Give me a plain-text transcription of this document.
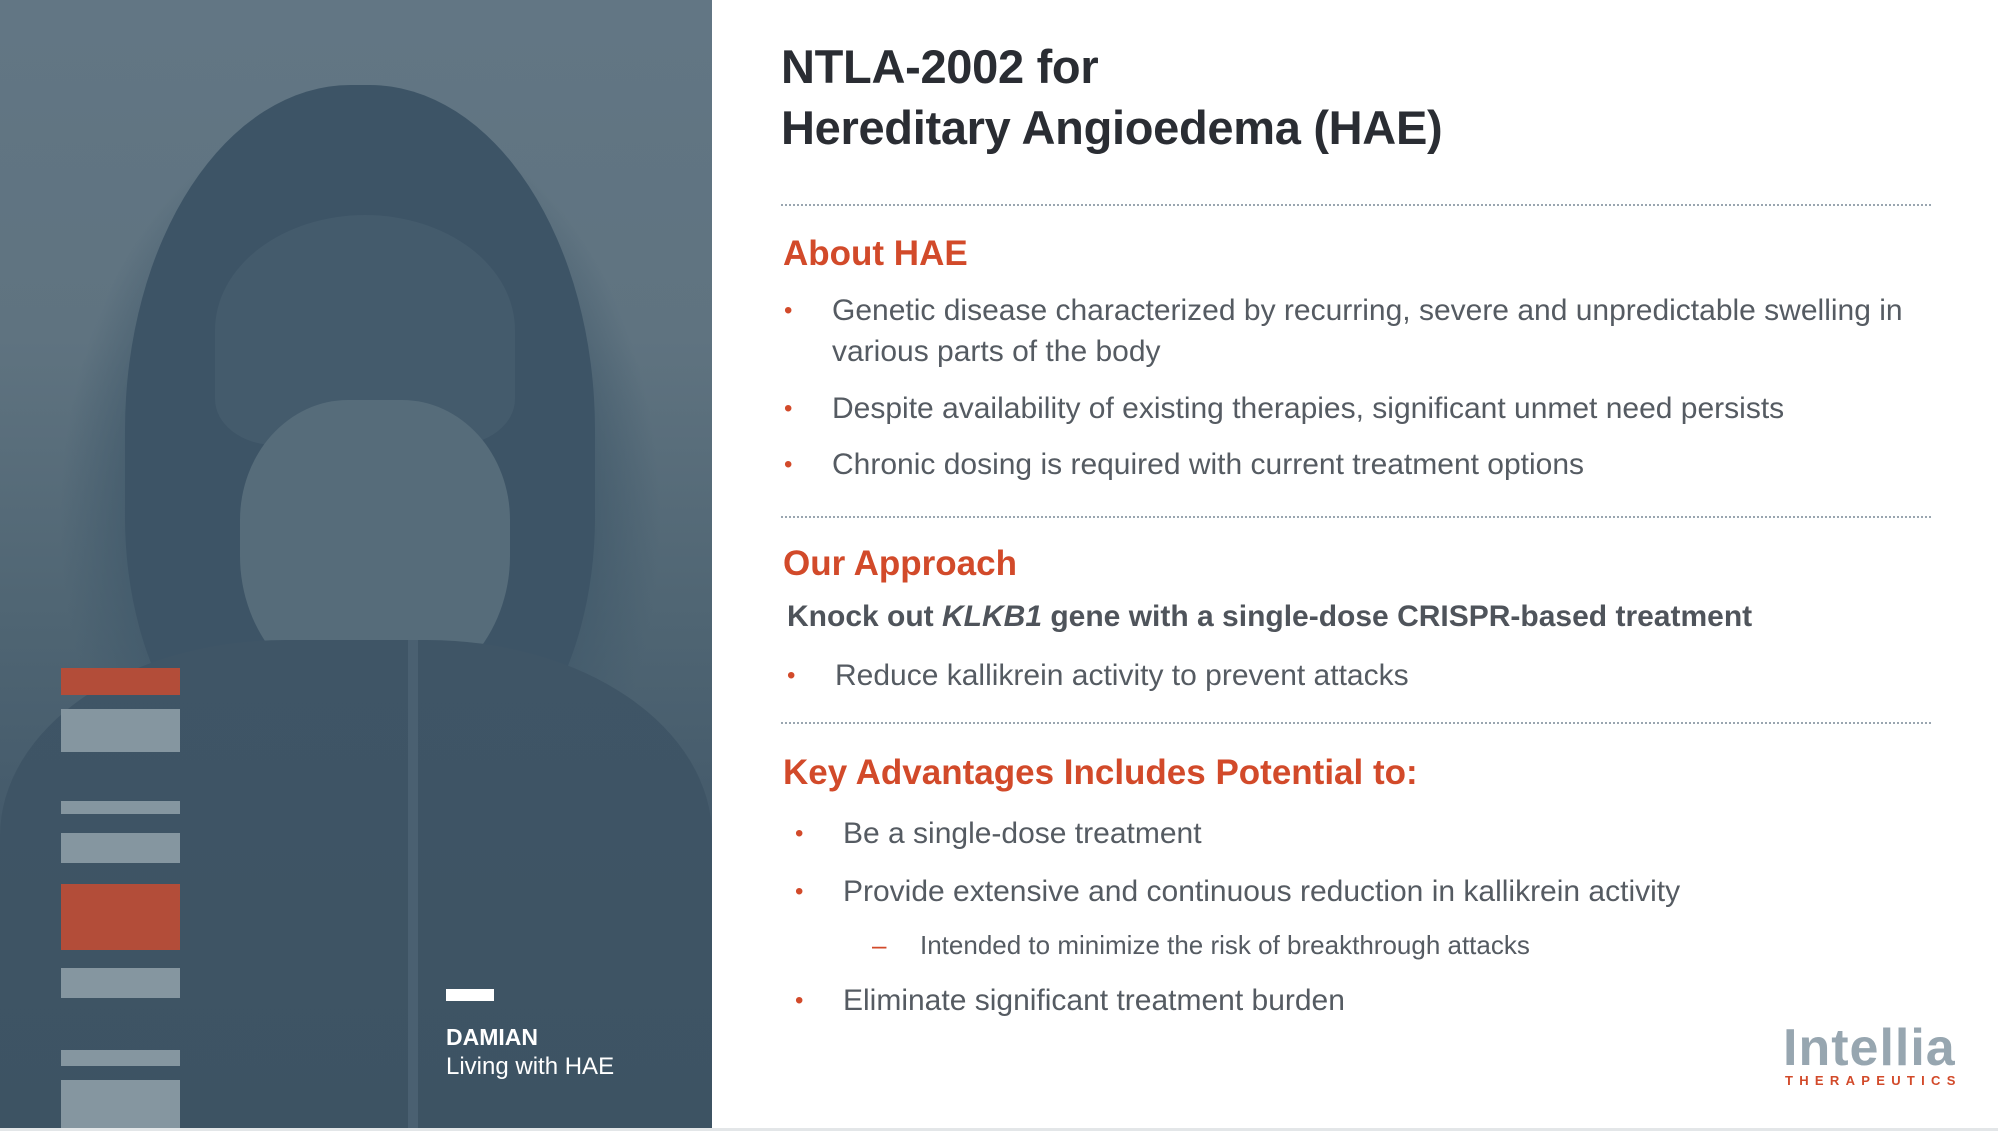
DAMIAN
Living with HAE
NTLA-2002 for
Hereditary Angioedema (HAE)
About HAE
• Genetic disease characterized by recurring, severe and unpredictable swelling in various parts of the body
• Despite availability of existing therapies, significant unmet need persists
• Chronic dosing is required with current treatment options
Our Approach
Knock out KLKB1 gene with a single-dose CRISPR-based treatment
• Reduce kallikrein activity to prevent attacks
Key Advantages Includes Potential to:
• Be a single-dose treatment
• Provide extensive and continuous reduction in kallikrein activity
– Intended to minimize the risk of breakthrough attacks
• Eliminate significant treatment burden
Intellia
THERAPEUTICS
